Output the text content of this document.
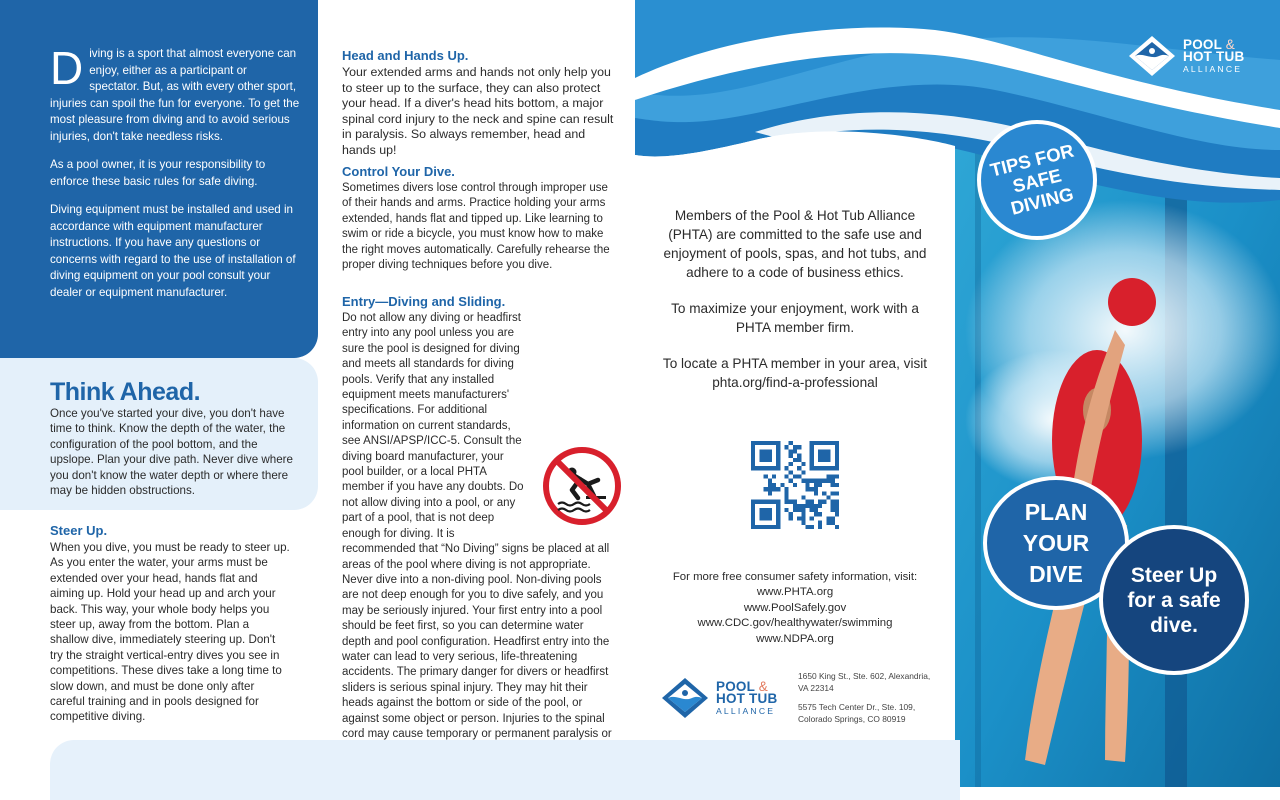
Diving is a sport that almost everyone can enjoy, either as a participant or spectator. But, as with every other sport, injuries can spoil the fun for everyone. To get the most pleasure from diving and to avoid serious injuries, don't take needless risks.

As a pool owner, it is your responsibility to enforce these basic rules for safe diving.

Diving equipment must be installed and used in accordance with equipment manufacturer instructions. If you have any questions or concerns with regard to the use of installation of diving equipment on your pool consult your dealer or equipment manufacturer.

Think Ahead.
Once you've started your dive, you don't have time to think. Know the depth of the water, the configuration of the pool bottom, and the upslope. Plan your dive path. Never dive where you don't know the water depth or where there may be hidden obstructions.
Steer Up.
When you dive, you must be ready to steer up. As you enter the water, your arms must be extended over your head, hands flat and aiming up. Hold your head up and arch your back. This way, your whole body helps you steer up, away from the bottom. Plan a shallow dive, immediately steering up. Don't try the straight vertical-entry dives you see in competitions. These dives take a long time to slow down, and must be done only after careful training and in pools designed for competitive diving.
Head and Hands Up.
Your extended arms and hands not only help you to steer up to the surface, they can also protect your head. If a diver's head hits bottom, a major spinal cord injury to the neck and spine can result in paralysis. So always remember, head and hands up!
Control Your Dive.
Sometimes divers lose control through improper use of their hands and arms. Practice holding your arms extended, hands flat and tipped up. Like learning to swim or ride a bicycle, you must know how to make the right moves automatically. Carefully rehearse the proper diving techniques before you dive.
Entry—Diving and Sliding.
Do not allow any diving or headfirst entry into any pool unless you are sure the pool is designed for diving and meets all standards for diving pools. Verify that any installed equipment meets manufacturers' specifications. For additional information on current standards, see ANSI/APSP/ICC-5. Consult the diving board manufacturer, your pool builder, or a local PHTA member if you have any doubts. Do not allow diving into a pool, or any part of a pool, that is not deep enough for diving. It is recommended that “No Diving” signs be placed at all areas of the pool where diving is not appropriate. Never dive into a non-diving pool. Non-diving pools are not deep enough for you to dive safely, and you may be seriously injured. Your first entry into a pool should be feet first, so you can determine water depth and pool configuration. Headfirst entry into the water can lead to very serious, life-threatening accidents. The primary danger for divers or headfirst sliders is serious spinal injury. They may hit their heads against the bottom or side of the pool, or against some object or person. Injuries to the spinal cord may cause temporary or permanent paralysis or
POOL &
HOT TUB
ALLIANCE

Members of the Pool & Hot Tub Alliance (PHTA) are committed to the safe use and enjoyment of pools, spas, and hot tubs, and adhere to a code of business ethics.

To maximize your enjoyment, work with a PHTA member firm.

To locate a PHTA member in your area, visit phta.org/find-a-professional

For more free consumer safety information, visit:
www.PHTA.org
www.PoolSafely.gov
www.CDC.gov/healthywater/swimming
www.NDPA.org
POOL &
HOT TUB
ALLIANCE

1650 King St., Ste. 602, Alexandria, VA 22314

5575 Tech Center Dr., Ste. 109, Colorado Springs, CO 80919

TIPS FOR SAFE DIVING
PLAN YOUR DIVE	Steer Up for a safe dive.
